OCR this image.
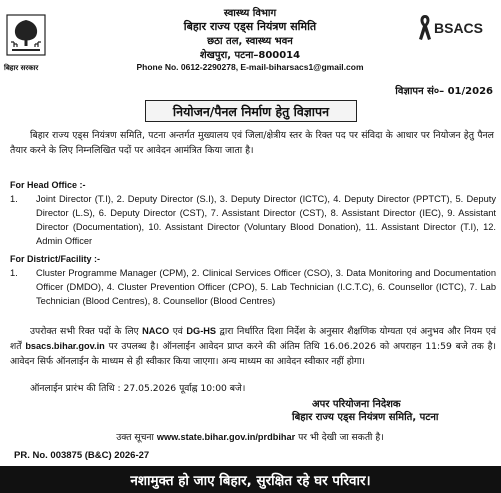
बिहार सरकार
स्वास्थ्य विभाग
बिहार राज्य एड्स नियंत्रण समिति
छठा तल, स्वास्थ्य भवन
शेखपुरा, पटना–800014
Phone No. 0612-2290278, E-mail-biharsacs1@gmail.com
BSACS
विज्ञापन सं०– 01/2026
नियोजन/पैनल निर्माण हेतु विज्ञापन
बिहार राज्य एड्स नियंत्रण समिति, पटना अन्तर्गत मुख्यालय एवं जिला/क्षेत्रीय स्तर के रिक्त पद पर संविदा के आधार पर नियोजन हेतु पैनल तैयार करने के लिए निम्नलिखित पदों पर आवेदन आमंत्रित किया जाता है।
For Head Office :-
1.	Joint Director (T.I), 2. Deputy Director (S.I), 3. Deputy Director (ICTC), 4. Deputy Director (PPTCT), 5. Deputy Director (L.S), 6. Deputy Director (CST), 7. Assistant Director (CST), 8. Assistant Director (IEC), 9. Assistant Director (Documentation), 10. Assistant Director (Voluntary Blood Donation), 11. Assistant Director (T.I), 12. Admin Officer
For District/Facility :-
1.	Cluster Programme Manager (CPM), 2. Clinical Services Officer (CSO), 3. Data Monitoring and Documentation Officer (DMDO), 4. Cluster Prevention Officer (CPO), 5. Lab Technician (I.C.T.C), 6. Counsellor (ICTC), 7. Lab Technician (Blood Centres), 8. Counsellor (Blood Centres)
उपरोक्त सभी रिक्त पदों के लिए NACO एवं DG-HS द्वारा निर्धारित दिशा निर्देश के अनुसार शैक्षणिक योग्यता एवं अनुभव और नियम एवं शर्तें bsacs.bihar.gov.in पर उपलब्ध है। ऑनलाईन आवेदन प्राप्त करने की अंतिम तिथि 16.06.2026 को अपराहन 11:59 बजे तक है। आवेदन सिर्फ ऑनलाईन के माध्यम से ही स्वीकार किया जाएगा। अन्य माध्यम का आवेदन स्वीकार नहीं होगा।
ऑनलाईन प्रारंभ की तिथि : 27.05.2026 पूर्वाह्न 10:00 बजे।
अपर परियोजना निदेशक
बिहार राज्य एड्स नियंत्रण समिति, पटना
उक्त सूचना www.state.bihar.gov.in/prdbihar पर भी देखी जा सकती है।
PR. No. 003875 (B&C) 2026-27
नशामुक्त हो जाए बिहार, सुरक्षित रहे घर परिवार।
